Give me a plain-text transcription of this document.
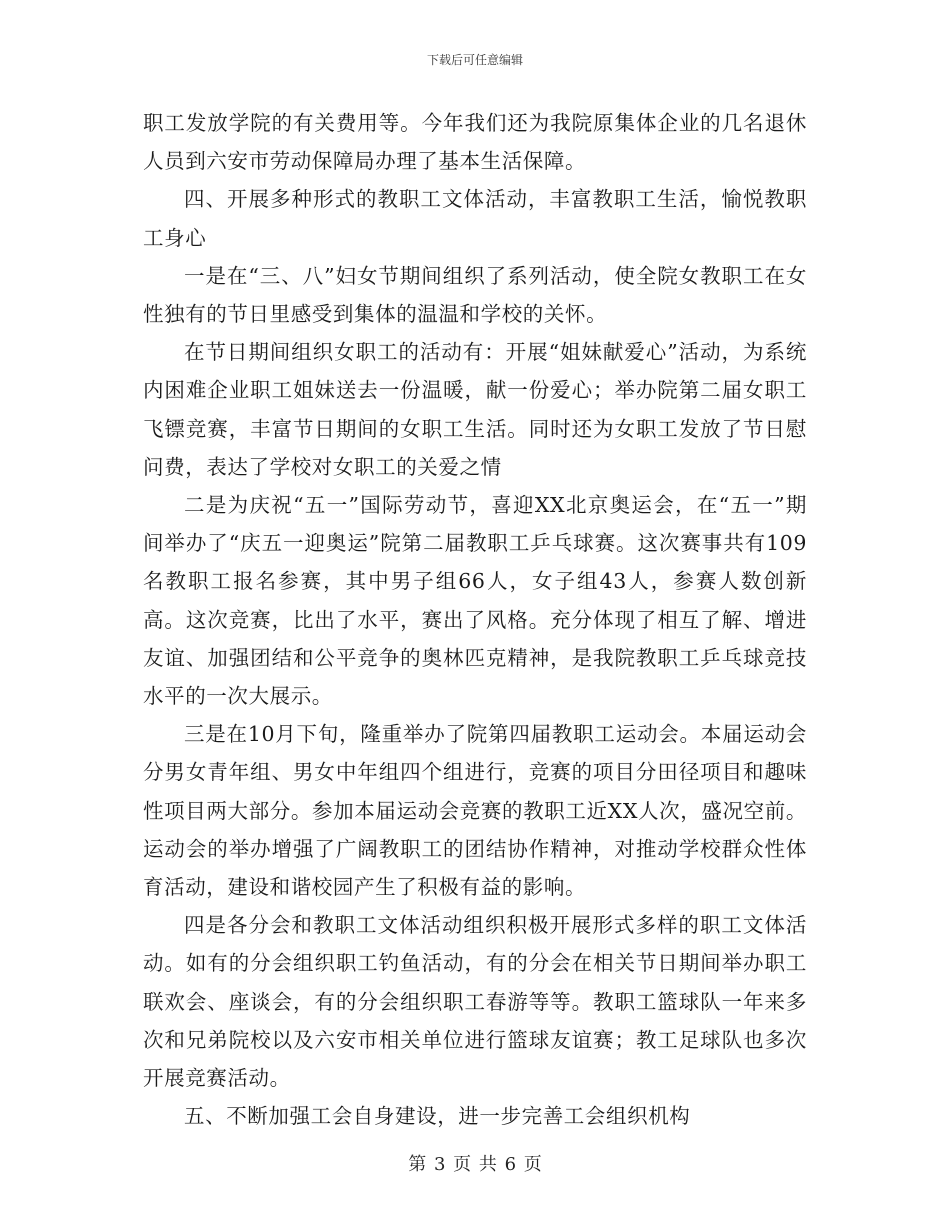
下载后可任意编辑

职工发放学院的有关费用等。今年我们还为我院原集体企业的几名退休人员到六安市劳动保障局办理了基本生活保障。

四、开展多种形式的教职工文体活动，丰富教职工生活，愉悦教职工身心

一是在“三、八”妇女节期间组织了系列活动，使全院女教职工在女性独有的节日里感受到集体的温温和学校的关怀。

在节日期间组织女职工的活动有：开展“姐妹献爱心”活动，为系统内困难企业职工姐妹送去一份温暖，献一份爱心；举办院第二届女职工飞镖竞赛，丰富节日期间的女职工生活。同时还为女职工发放了节日慰问费，表达了学校对女职工的关爱之情

二是为庆祝“五一”国际劳动节，喜迎XX北京奥运会，在“五一”期间举办了“庆五一迎奥运”院第二届教职工乒乓球赛。这次赛事共有109名教职工报名参赛，其中男子组66人，女子组43人，参赛人数创新高。这次竞赛，比出了水平，赛出了风格。充分体现了相互了解、增进友谊、加强团结和公平竞争的奥林匹克精神，是我院教职工乒乓球竞技水平的一次大展示。

三是在10月下旬，隆重举办了院第四届教职工运动会。本届运动会分男女青年组、男女中年组四个组进行，竞赛的项目分田径项目和趣味性项目两大部分。参加本届运动会竞赛的教职工近XX人次，盛况空前。运动会的举办增强了广阔教职工的团结协作精神，对推动学校群众性体育活动，建设和谐校园产生了积极有益的影响。

四是各分会和教职工文体活动组织积极开展形式多样的职工文体活动。如有的分会组织职工钓鱼活动，有的分会在相关节日期间举办职工联欢会、座谈会，有的分会组织职工春游等等。教职工篮球队一年来多次和兄弟院校以及六安市相关单位进行篮球友谊赛；教工足球队也多次开展竞赛活动。

五、不断加强工会自身建设，进一步完善工会组织机构

第 3 页 共 6 页
